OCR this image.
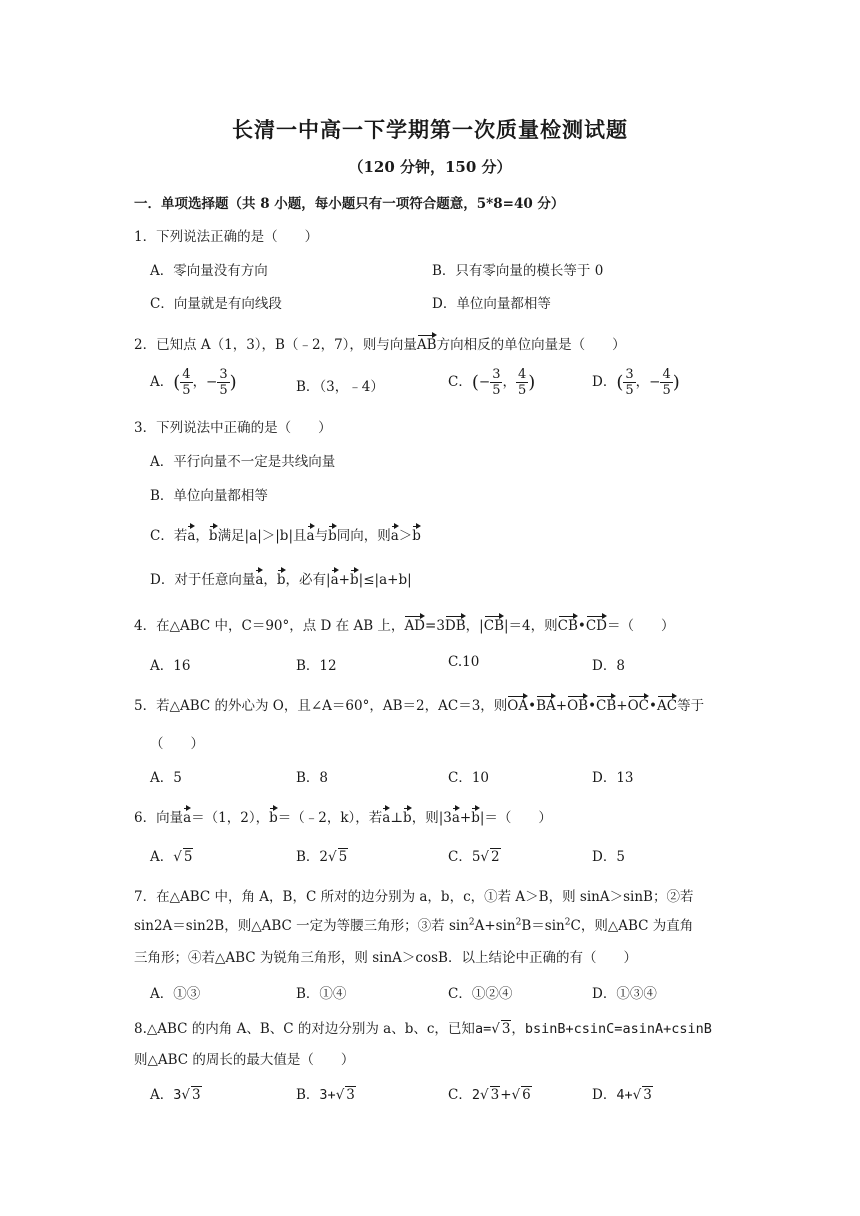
长清一中高一下学期第一次质量检测试题
（120 分钟，150 分）
一．单项选择题（共 8 小题，每小题只有一项符合题意，5*8=40 分）
1．下列说法正确的是（　　）
A．零向量没有方向	B．只有零向量的模长等于 0
C．向量就是有向线段	D．单位向量都相等
2．已知点 A（1，3），B（﹣2，7），则与向量AB方向相反的单位向量是（　　）
A．( $\frac{4}{5}$ ，− $\frac{3}{5}$ )	B．（3，﹣4）	C．(− $\frac{3}{5}$ ， $\frac{4}{5}$ )	D．( $\frac{3}{5}$ ，− $\frac{4}{5}$ )
3．下列说法中正确的是（　　）
A．平行向量不一定是共线向量
B．单位向量都相等
C．若a，b满足|a|＞|b|且a与b同向，则a＞b
D．对于任意向量a，b，必有|a+b|≤|a+b|
4．在△ABC 中，C＝90°，点 D 在 AB 上，AD=3DB，|CB|＝4，则CB•CD＝（　　）
A．16	B．12	C.10	D．8
5．若△ABC 的外心为 O，且∠A＝60°，AB＝2，AC＝3，则OA•BA+OB•CB+OC•AC等于
（　　）
A．5	B．8	C．10	D．13
6．向量a＝（1，2），b＝（﹣2，k），若a⊥b，则|3a+b|＝（　　）
A．√ 5	B．2√ 5	C．5√ 2	D．5
7．在△ABC 中，角 A，B，C 所对的边分别为 a，b，c，①若 A＞B，则 sinA＞sinB；②若
sin2A＝sin2B，则△ABC 一定为等腰三角形；③若 $\sin^2A+\sin^2B=\sin^2C$，则△ABC 为直角
三角形；④若△ABC 为锐角三角形，则 sinA＞cosB．以上结论中正确的有（　　）
A．①③	B．①④	C．①②④	D．①③④
8.△ABC 的内角 A、B、C 的对边分别为 a、b、c，已知a=√ 3，bsinB+csinC=asinA+csinB
则△ABC 的周长的最大值是（　　）
A．3√ 3	B．3+√ 3	C．2√ 3+√ 6	D．4+√ 3
